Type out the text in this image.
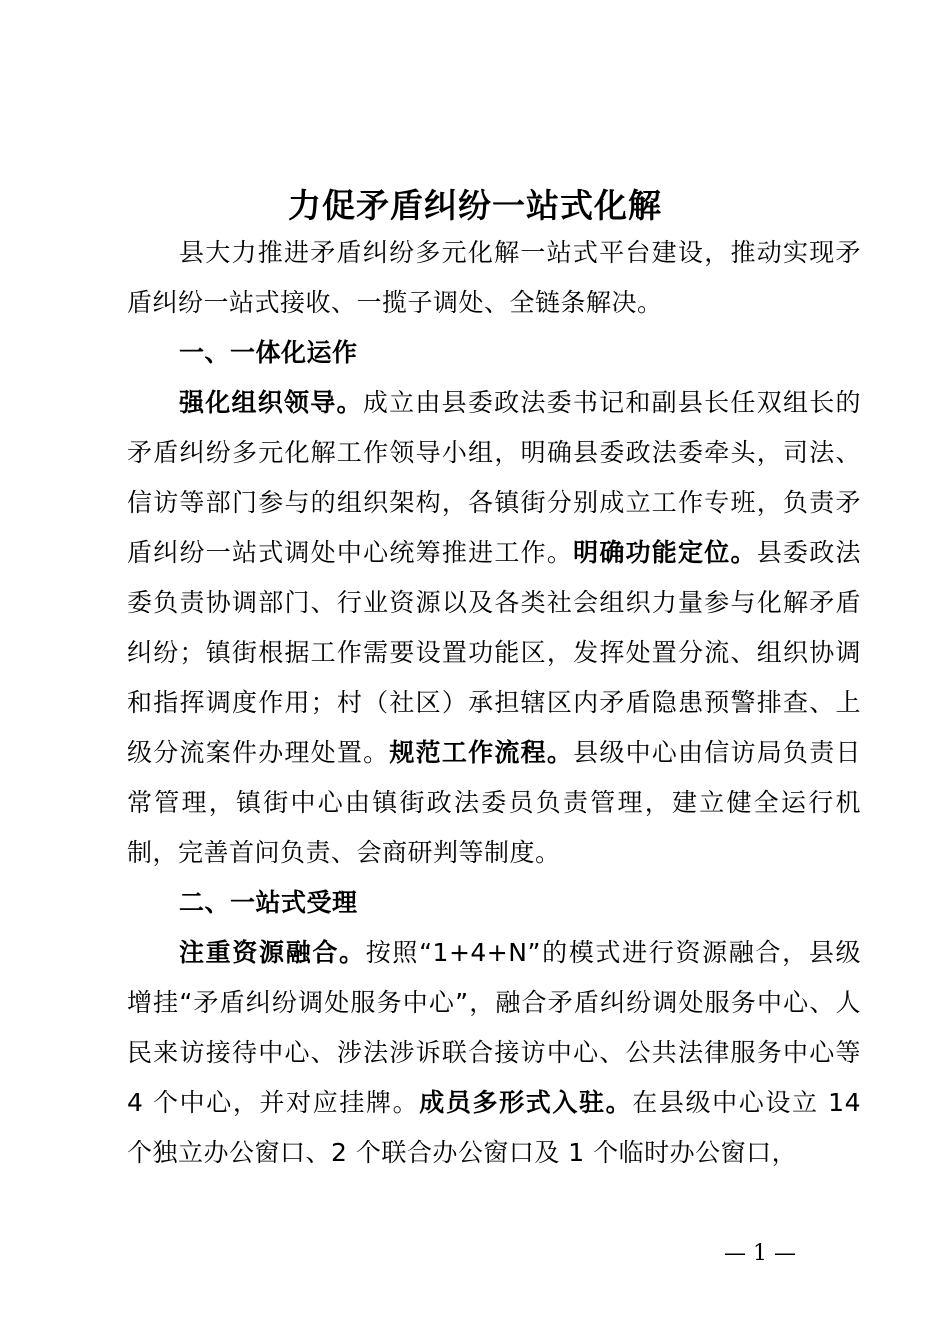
力促矛盾纠纷一站式化解

县大力推进矛盾纠纷多元化解一站式平台建设，推动实现矛盾纠纷一站式接收、一揽子调处、全链条解决。

一、一体化运作

强化组织领导。成立由县委政法委书记和副县长任双组长的矛盾纠纷多元化解工作领导小组，明确县委政法委牵头，司法、信访等部门参与的组织架构，各镇街分别成立工作专班，负责矛盾纠纷一站式调处中心统筹推进工作。明确功能定位。县委政法委负责协调部门、行业资源以及各类社会组织力量参与化解矛盾纠纷；镇街根据工作需要设置功能区，发挥处置分流、组织协调和指挥调度作用；村（社区）承担辖区内矛盾隐患预警排查、上级分流案件办理处置。规范工作流程。县级中心由信访局负责日常管理，镇街中心由镇街政法委员负责管理，建立健全运行机制，完善首问负责、会商研判等制度。

二、一站式受理

注重资源融合。按照“1+4+N”的模式进行资源融合，县级增挂“矛盾纠纷调处服务中心”，融合矛盾纠纷调处服务中心、人民来访接待中心、涉法涉诉联合接访中心、公共法律服务中心等 4 个中心，并对应挂牌。成员多形式入驻。在县级中心设立 14 个独立办公窗口、2 个联合办公窗口及 1 个临时办公窗口，

— 1 —
